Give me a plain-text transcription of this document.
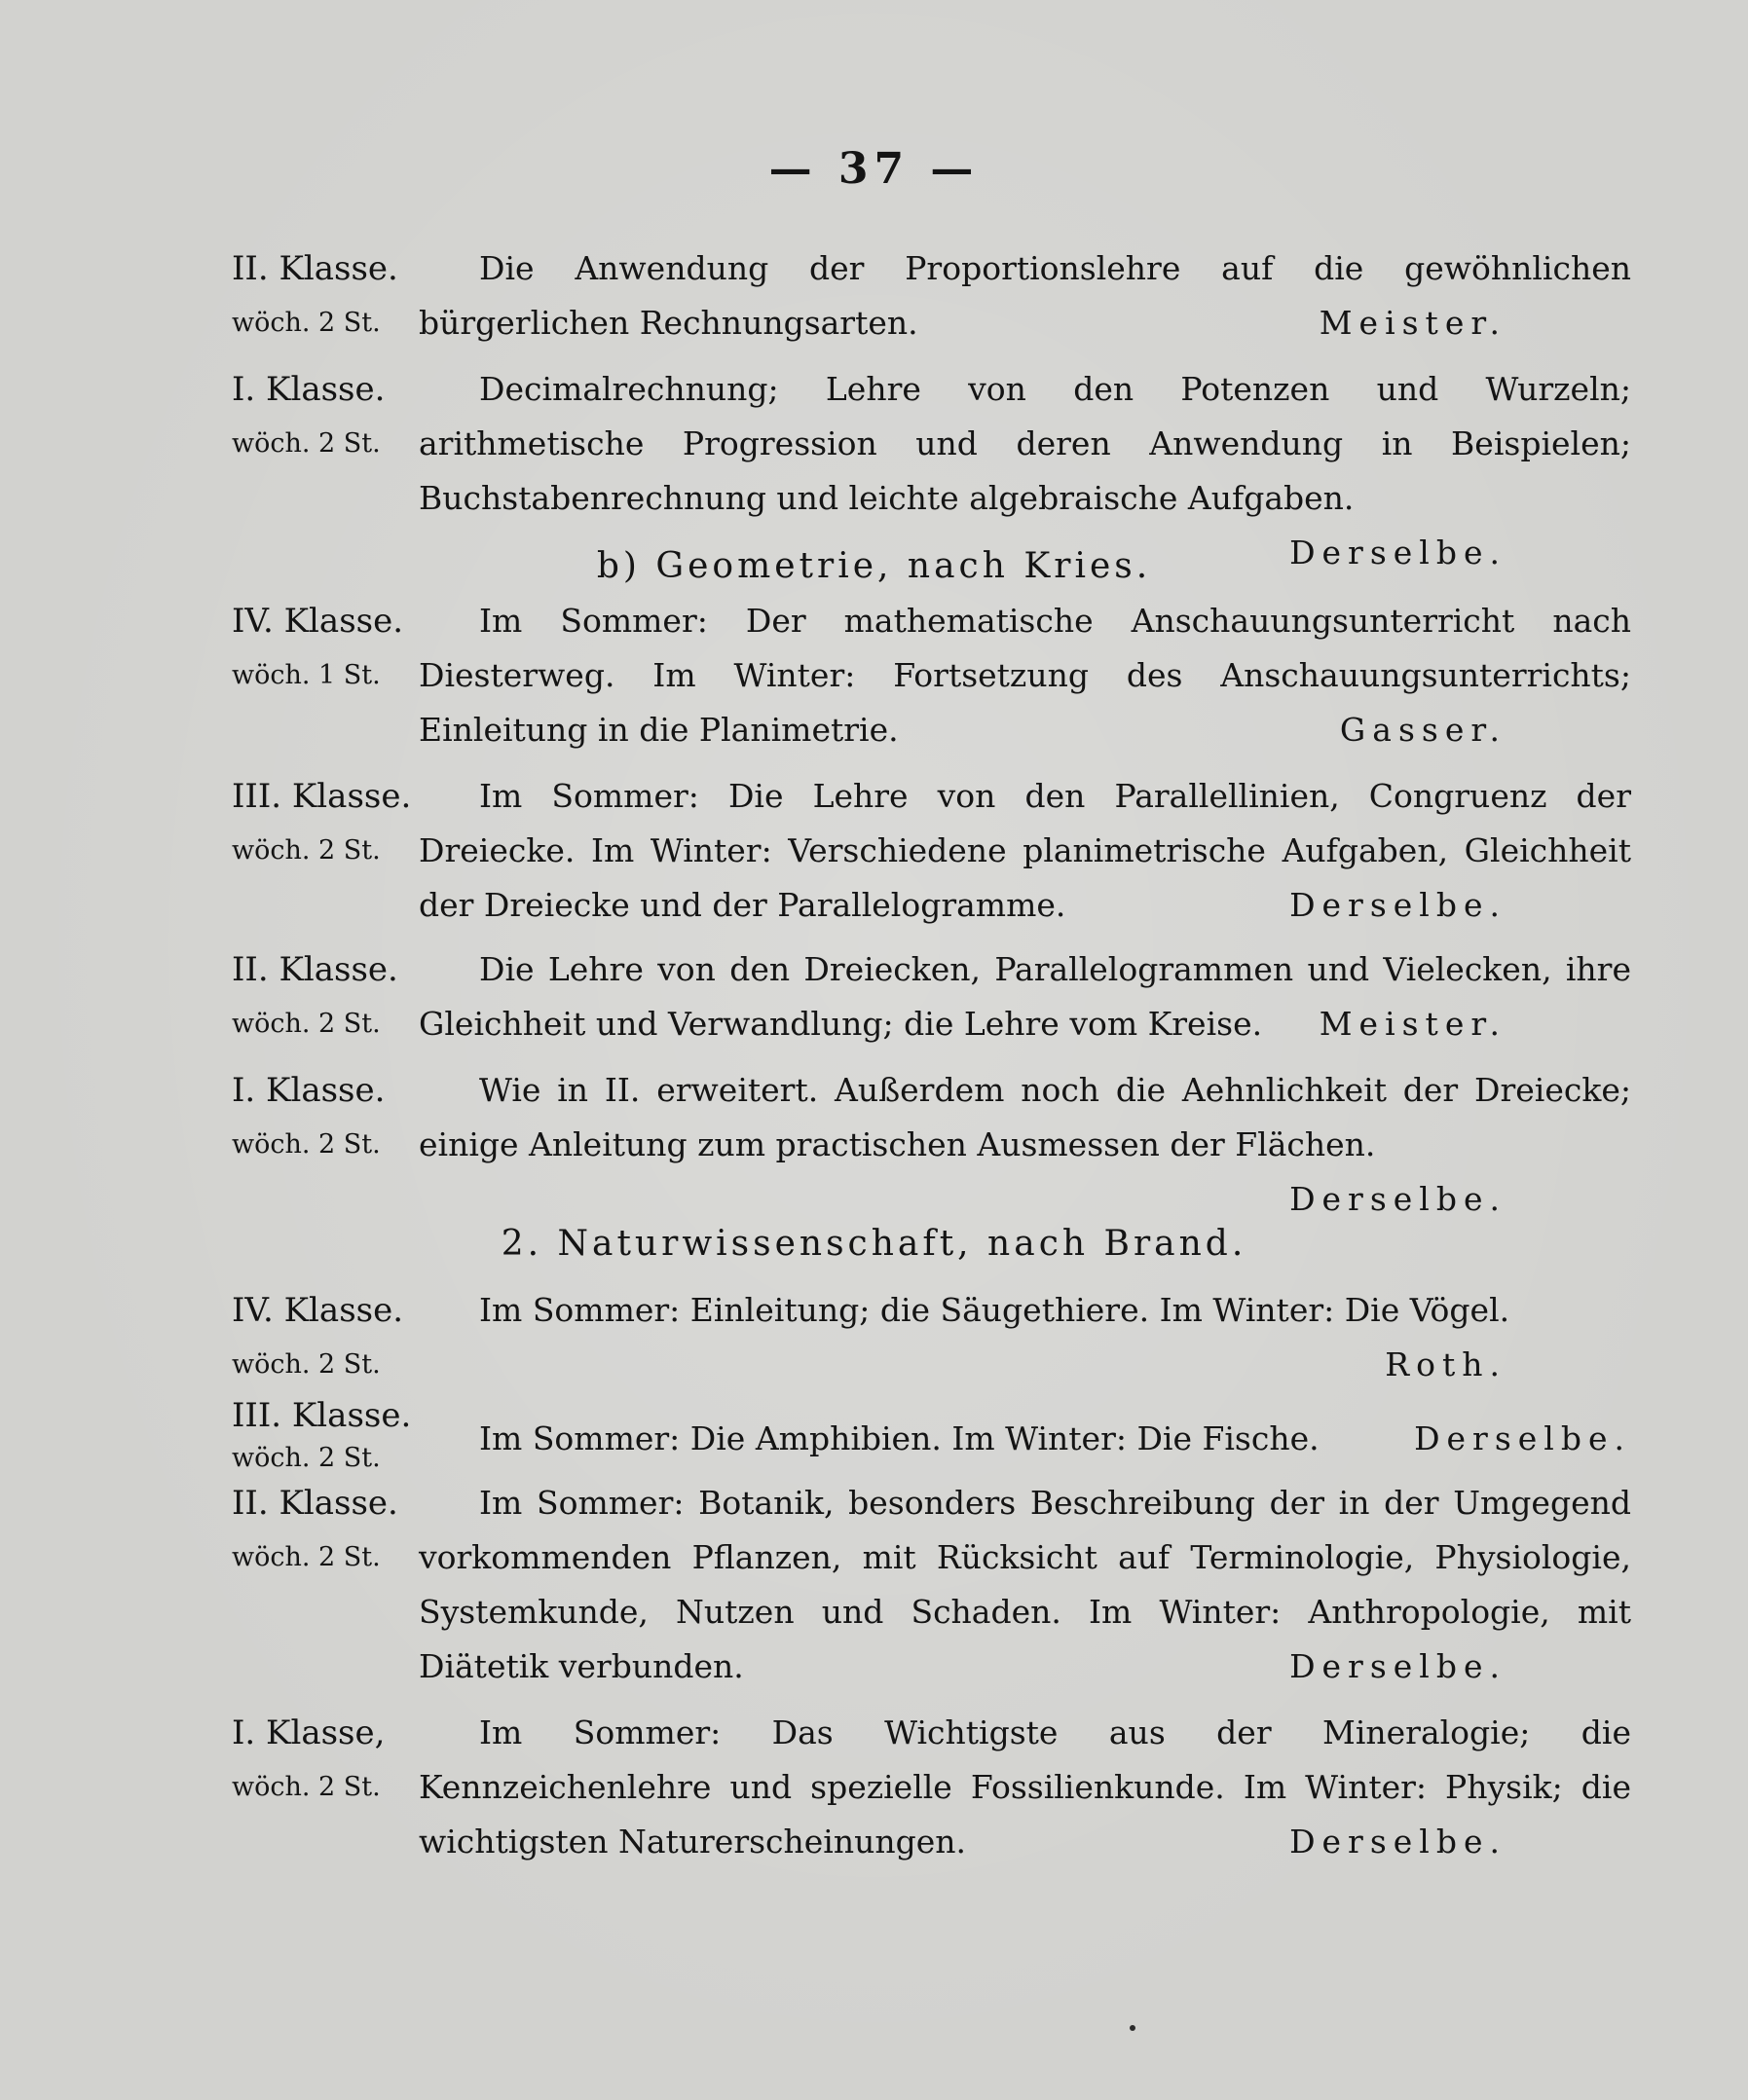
— 37 —
II. Klasse.
wöch. 2 St.
Die Anwendung der Proportionslehre auf die gewöhnlichen bürgerlichen Rechnungsarten.	Meister.
I. Klasse.
wöch. 2 St.
Decimalrechnung; Lehre von den Potenzen und Wurzeln; arithmetische Progression und deren Anwendung in Beispielen; Buchstabenrechnung und leichte algebraische Aufgaben.
Derselbe.
b) Geometrie, nach Kries.
IV. Klasse.
wöch. 1 St.
Im Sommer: Der mathematische Anschauungsunterricht nach Diesterweg. Im Winter: Fortsetzung des Anschauungsunterrichts; Einleitung in die Planimetrie.	Gasser.
III. Klasse.
wöch. 2 St.
Im Sommer: Die Lehre von den Parallellinien, Congruenz der Dreiecke. Im Winter: Verschiedene planimetrische Aufgaben, Gleichheit der Dreiecke und der Parallelogramme.	Derselbe.
II. Klasse.
wöch. 2 St.
Die Lehre von den Dreiecken, Parallelogrammen und Vielecken, ihre Gleichheit und Verwandlung; die Lehre vom Kreise. Meister.
I. Klasse.
wöch. 2 St.
Wie in II. erweitert. Außerdem noch die Aehnlichkeit der Dreiecke; einige Anleitung zum practischen Ausmessen der Flächen.
Derselbe.
2. Naturwissenschaft, nach Brand.
IV. Klasse.
wöch. 2 St.
Im Sommer: Einleitung; die Säugethiere. Im Winter: Die Vögel.
Roth.
III. Klasse.
wöch. 2 St.
Im Sommer: Die Amphibien. Im Winter: Die Fische.	Derselbe.
II. Klasse.
wöch. 2 St.
Im Sommer: Botanik, besonders Beschreibung der in der Umgegend vorkommenden Pflanzen, mit Rücksicht auf Terminologie, Physiologie, Systemkunde, Nutzen und Schaden. Im Winter: Anthropologie, mit Diätetik verbunden.	Derselbe.
I. Klasse,
wöch. 2 St.
Im Sommer: Das Wichtigste aus der Mineralogie; die Kennzeichenlehre und spezielle Fossilienkunde. Im Winter: Physik; die wichtigsten Naturerscheinungen.	Derselbe.
